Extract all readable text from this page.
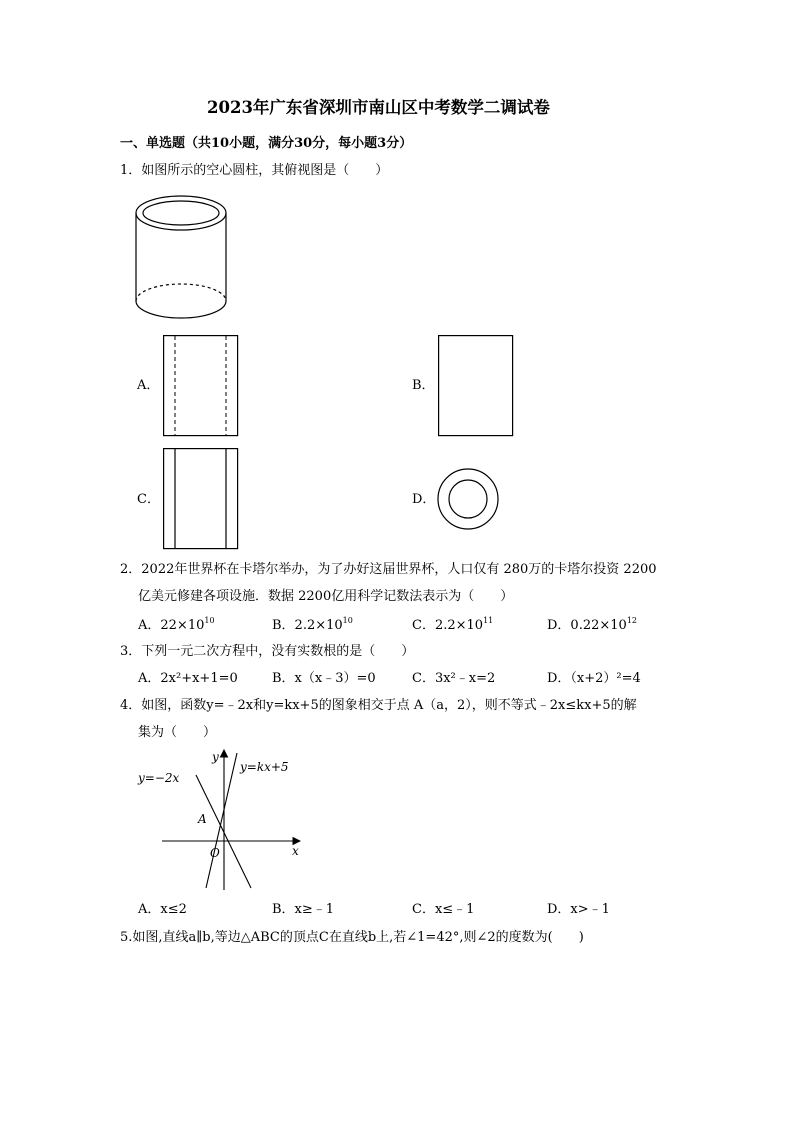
2023年广东省深圳市南山区中考数学二调试卷
一、单选题（共10小题，满分30分，每小题3分）
1．如图所示的空心圆柱，其俯视图是（　　）
A．	B．
C．	D．
2．2022年世界杯在卡塔尔举办，为了办好这届世界杯，人口仅有 280万的卡塔尔投资 2200
亿美元修建各项设施．数据 2200亿用科学记数法表示为（　　）
A．$22\times 10^{10}$	B．$2.2\times 10^{10}$	C．$2.2\times 10^{11}$	D．$0.22\times 10^{12}$
3．下列一元二次方程中，没有实数根的是（　　）
A．2x²+x+1=0	B．x（x﹣3）=0	C．3x²﹣x=2	D．（x+2）²=4
4．如图，函数y=﹣2x和y=kx+5的图象相交于点 A（a，2），则不等式﹣2x≤kx+5的解
集为（　　）
y=−2x
y=kx+5
y
x
A
O
A．x≤2	B．x≥﹣1	C．x≤﹣1	D．x>﹣1
5.如图,直线a∥b,等边△ABC的顶点C在直线b上,若∠1=42°,则∠2的度数为(　　)
